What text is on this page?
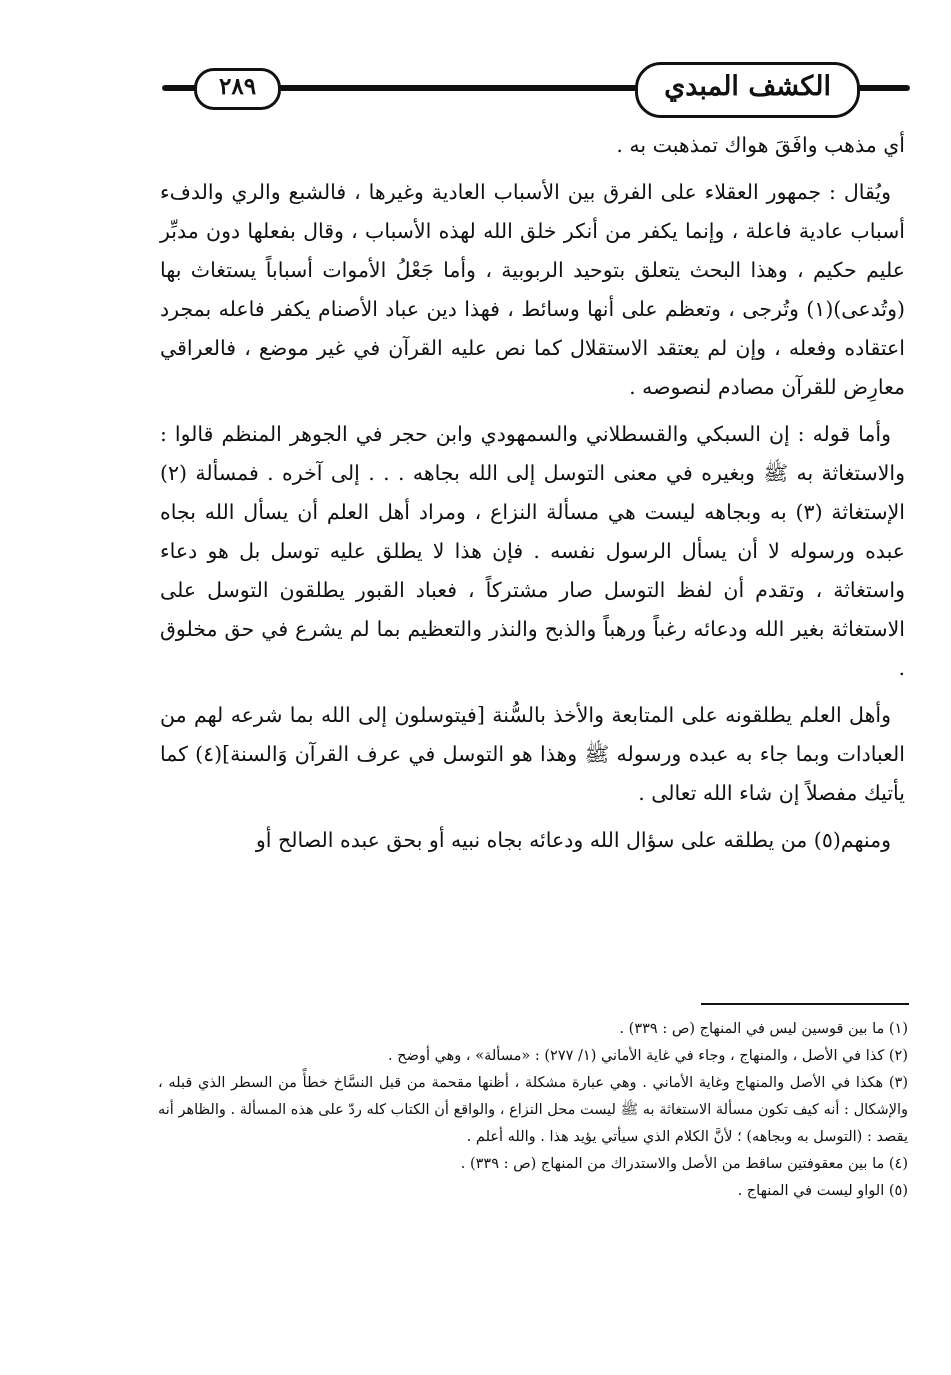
الكشف المبدي
٢٨٩

أي مذهب وافَقَ هواك تمذهبت به .

ويُقال : جمهور العقلاء على الفرق بين الأسباب العادية وغيرها ، فالشبع والري والدفء أسباب عادية فاعلة ، وإنما يكفر من أنكر خلق الله لهذه الأسباب ، وقال بفعلها دون مدبِّر عليم حكيم ، وهذا البحث يتعلق بتوحيد الربوبية ، وأما جَعْلُ الأموات أسباباً يستغاث بها (وتُدعى)(١) وتُرجى ، وتعظم على أنها وسائط ، فهذا دين عباد الأصنام يكفر فاعله بمجرد اعتقاده وفعله ، وإن لم يعتقد الاستقلال كما نص عليه القرآن في غير موضع ، فالعراقي معارِض للقرآن مصادم لنصوصه .

وأما قوله : إن السبكي والقسطلاني والسمهودي وابن حجر في الجوهر المنظم قالوا : والاستغاثة به ﷺ وبغيره في معنى التوسل إلى الله بجاهه . . . إلى آخره . فمسألة (٢) الإستغاثة (٣) به وبجاهه ليست هي مسألة النزاع ، ومراد أهل العلم أن يسأل الله بجاه عبده ورسوله لا أن يسأل الرسول نفسه . فإن هذا لا يطلق عليه توسل بل هو دعاء واستغاثة ، وتقدم أن لفظ التوسل صار مشتركاً ، فعباد القبور يطلقون التوسل على الاستغاثة بغير الله ودعائه رغباً ورهباً والذبح والنذر والتعظيم بما لم يشرع في حق مخلوق .

وأهل العلم يطلقونه على المتابعة والأخذ بالسُّنة [فيتوسلون إلى الله بما شرعه لهم من العبادات وبما جاء به عبده ورسوله ﷺ وهذا هو التوسل في عرف القرآن وَالسنة](٤) كما يأتيك مفصلاً إن شاء الله تعالى .

ومنهم(٥) من يطلقه على سؤال الله ودعائه بجاه نبيه أو بحق عبده الصالح أو

(١) ما بين قوسين ليس في المنهاج (ص : ٣٣٩) .

(٢) كذا في الأصل ، والمنهاج ، وجاء في غاية الأماني (١/ ٢٧٧) : «مسألة» ، وهي أوضح .

(٣) هكذا في الأصل والمنهاج وغاية الأماني . وهي عبارة مشكلة ، أظنها مقحمة من قبل النسَّاخ خطأً من السطر الذي قبله ، والإشكال : أنه كيف تكون مسألة الاستغاثة به ﷺ ليست محل النزاع ، والواقع أن الكتاب كله ردّ على هذه المسألة . والظاهر أنه يقصد : (التوسل به وبجاهه) ؛ لأنَّ الكلام الذي سيأتي يؤيد هذا . والله أعلم .

(٤) ما بين معقوفتين ساقط من الأصل والاستدراك من المنهاج (ص : ٣٣٩) .

(٥) الواو ليست في المنهاج .
